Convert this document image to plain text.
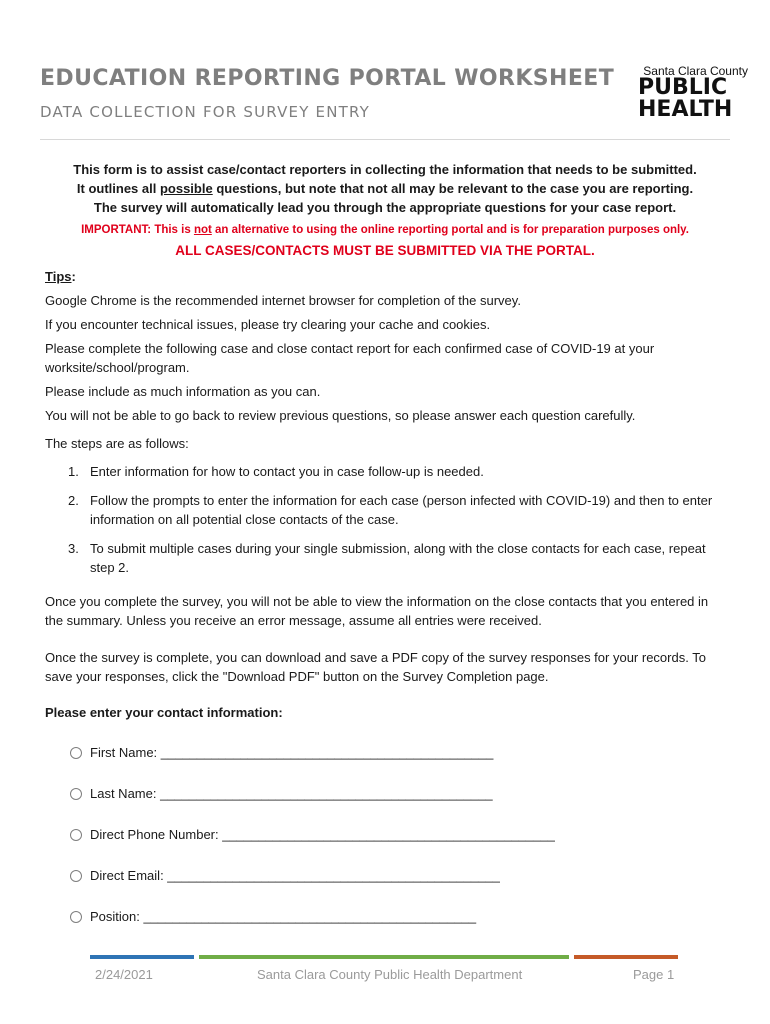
EDUCATION REPORTING PORTAL WORKSHEET
DATA COLLECTION FOR SURVEY ENTRY
Santa Clara County
PUBLIC
HEALTH
This form is to assist case/contact reporters in collecting the information that needs to be submitted.
It outlines all possible questions, but note that not all may be relevant to the case you are reporting.
The survey will automatically lead you through the appropriate questions for your case report.
IMPORTANT: This is not an alternative to using the online reporting portal and is for preparation purposes only.
ALL CASES/CONTACTS MUST BE SUBMITTED VIA THE PORTAL.
Tips:
Google Chrome is the recommended internet browser for completion of the survey.
If you encounter technical issues, please try clearing your cache and cookies.
Please complete the following case and close contact report for each confirmed case of COVID-19 at your worksite/school/program.
Please include as much information as you can.
You will not be able to go back to review previous questions, so please answer each question carefully.
The steps are as follows:
1. Enter information for how to contact you in case follow-up is needed.
2. Follow the prompts to enter the information for each case (person infected with COVID-19) and then to enter information on all potential close contacts of the case.
3. To submit multiple cases during your single submission, along with the close contacts for each case, repeat step 2.
Once you complete the survey, you will not be able to view the information on the close contacts that you entered in the summary. Unless you receive an error message, assume all entries were received.
Once the survey is complete, you can download and save a PDF copy of the survey responses for your records. To save your responses, click the "Download PDF" button on the Survey Completion page.
Please enter your contact information:
First Name: ______________________________________________
Last Name: ______________________________________________
Direct Phone Number: ______________________________________________
Direct Email: ______________________________________________
Position: ______________________________________________
2/24/2021	Santa Clara County Public Health Department	Page 1
